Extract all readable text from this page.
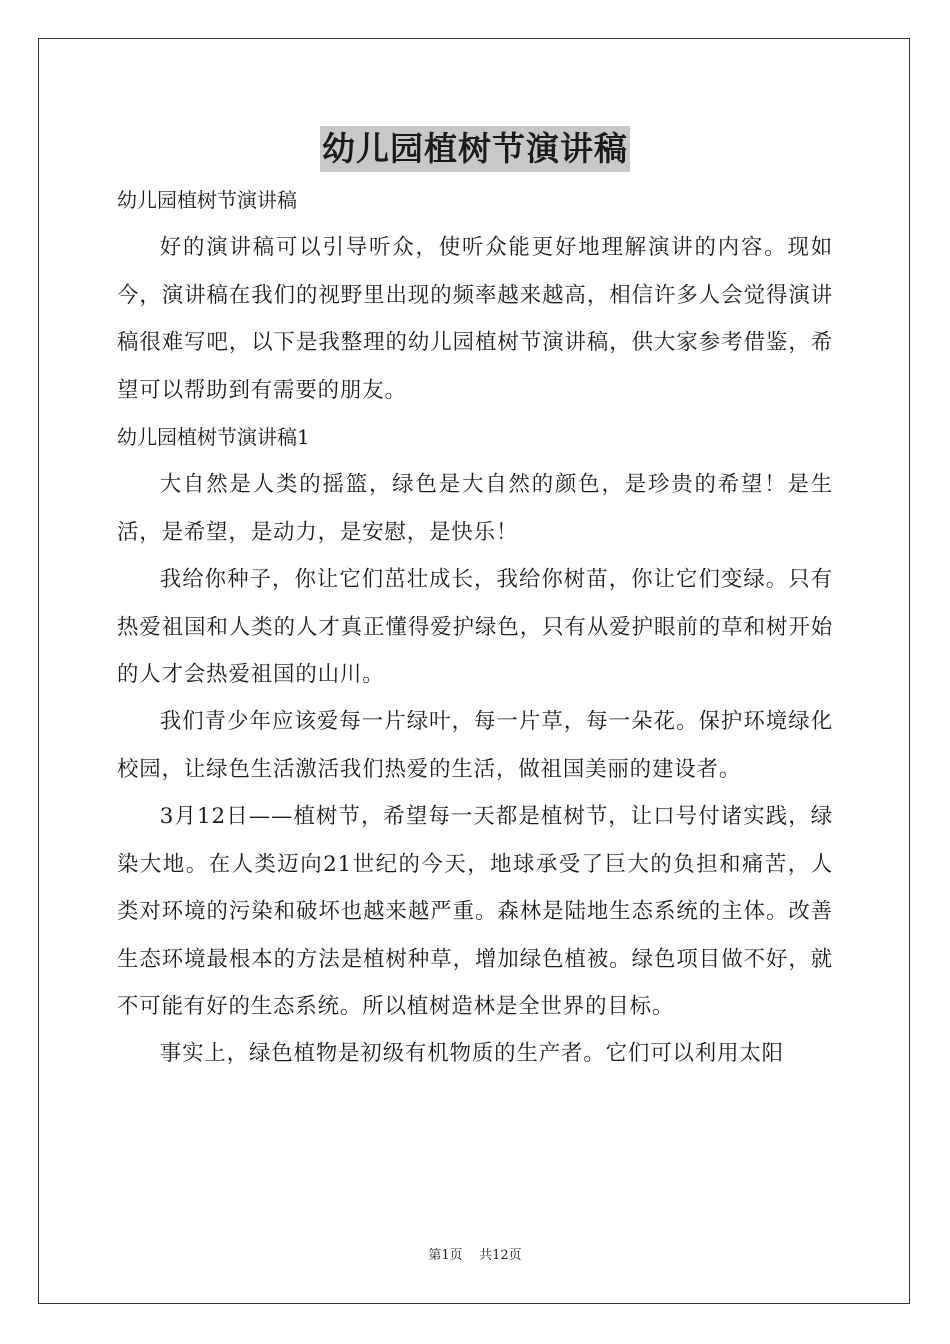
幼儿园植树节演讲稿

幼儿园植树节演讲稿

好的演讲稿可以引导听众，使听众能更好地理解演讲的内容。现如今，演讲稿在我们的视野里出现的频率越来越高，相信许多人会觉得演讲稿很难写吧，以下是我整理的幼儿园植树节演讲稿，供大家参考借鉴，希望可以帮助到有需要的朋友。

幼儿园植树节演讲稿1

大自然是人类的摇篮，绿色是大自然的颜色，是珍贵的希望！是生活，是希望，是动力，是安慰，是快乐！

我给你种子，你让它们茁壮成长，我给你树苗，你让它们变绿。只有热爱祖国和人类的人才真正懂得爱护绿色，只有从爱护眼前的草和树开始的人才会热爱祖国的山川。

我们青少年应该爱每一片绿叶，每一片草，每一朵花。保护环境绿化校园，让绿色生活激活我们热爱的生活，做祖国美丽的建设者。

3月12日——植树节，希望每一天都是植树节，让口号付诸实践，绿染大地。在人类迈向21世纪的今天，地球承受了巨大的负担和痛苦，人类对环境的污染和破坏也越来越严重。森林是陆地生态系统的主体。改善生态环境最根本的方法是植树种草，增加绿色植被。绿色项目做不好，就不可能有好的生态系统。所以植树造林是全世界的目标。

事实上，绿色植物是初级有机物质的生产者。它们可以利用太阳

第1页 共12页
